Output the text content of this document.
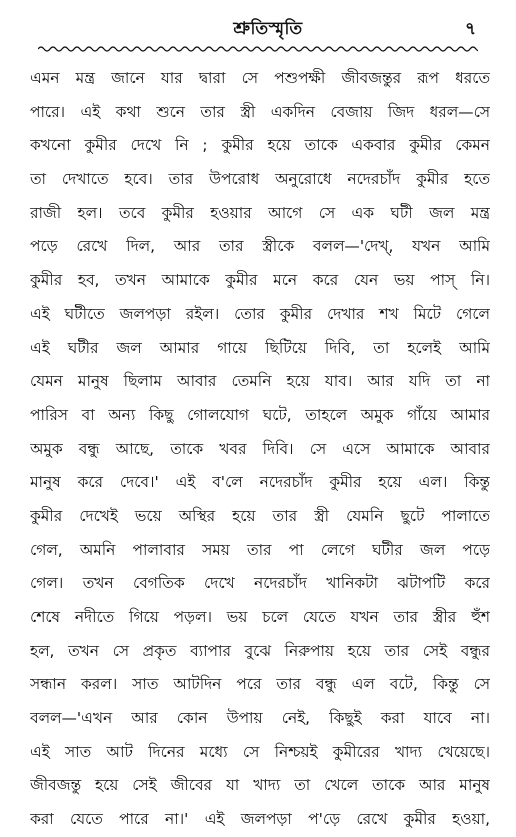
শ্রুতিস্মৃতি	৭
এমন মন্ত্র জানে যার দ্বারা সে পশুপক্ষী জীবজন্তুর রূপ ধরতে
পারে। এই কথা শুনে তার স্ত্রী একদিন বেজায় জিদ ধরল—সে
কখনো কুমীর দেখে নি ; কুমীর হয়ে তাকে একবার কুমীর কেমন
তা দেখাতে হবে। তার উপরোধ অনুরোধে নদেরচাঁদ কুমীর হতে
রাজী হল। তবে কুমীর হওয়ার আগে সে এক ঘটী জল মন্ত্র
পড়ে রেখে দিল, আর তার স্ত্রীকে বলল—'দেখ্, যখন আমি
কুমীর হব, তখন আমাকে কুমীর মনে করে যেন ভয় পাস্ নি।
এই ঘটীতে জলপড়া রইল। তোর কুমীর দেখার শখ মিটে গেলে
এই ঘটীর জল আমার গায়ে ছিটিয়ে দিবি, তা হলেই আমি
যেমন মানুষ ছিলাম আবার তেমনি হয়ে যাব। আর যদি তা না
পারিস বা অন্য কিছু গোলযোগ ঘটে, তাহলে অমুক গাঁয়ে আমার
অমুক বন্ধু আছে, তাকে খবর দিবি। সে এসে আমাকে আবার
মানুষ করে দেবে।' এই ব'লে নদেরচাঁদ কুমীর হয়ে এল। কিন্তু
কুমীর দেখেই ভয়ে অস্থির হয়ে তার স্ত্রী যেমনি ছুটে পালাতে
গেল, অমনি পালাবার সময় তার পা লেগে ঘটীর জল পড়ে
গেল। তখন বেগতিক দেখে নদেরচাঁদ খানিকটা ঝটাপটি করে
শেষে নদীতে গিয়ে পড়ল। ভয় চলে যেতে যখন তার স্ত্রীর হুঁশ
হল, তখন সে প্রকৃত ব্যাপার বুঝে নিরুপায় হয়ে তার সেই বন্ধুর
সন্ধান করল। সাত আটদিন পরে তার বন্ধু এল বটে, কিন্তু সে
বলল—'এখন আর কোন উপায় নেই, কিছুই করা যাবে না।
এই সাত আট দিনের মধ্যে সে নিশ্চয়ই কুমীরের খাদ্য খেয়েছে।
জীবজন্তু হয়ে সেই জীবের যা খাদ্য তা খেলে তাকে আর মানুষ
করা যেতে পারে না।' এই জলপড়া প'ড়ে রেখে কুমীর হওয়া,
